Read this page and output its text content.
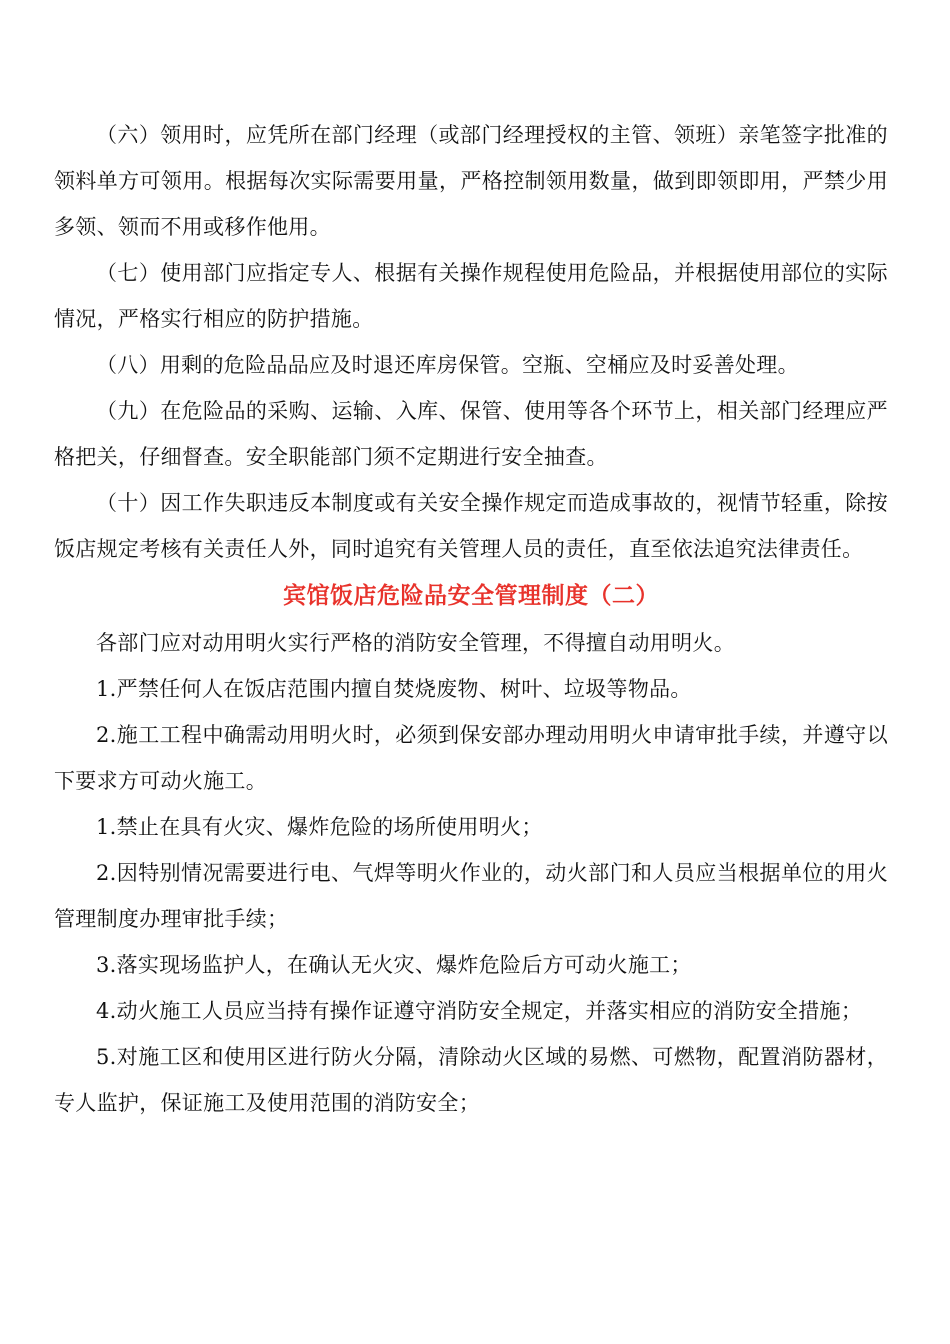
（六）领用时，应凭所在部门经理（或部门经理授权的主管、领班）亲笔签字批准的领料单方可领用。根据每次实际需要用量，严格控制领用数量，做到即领即用，严禁少用多领、领而不用或移作他用。

（七）使用部门应指定专人、根据有关操作规程使用危险品，并根据使用部位的实际情况，严格实行相应的防护措施。

（八）用剩的危险品品应及时退还库房保管。空瓶、空桶应及时妥善处理。

（九）在危险品的采购、运输、入库、保管、使用等各个环节上，相关部门经理应严格把关，仔细督查。安全职能部门须不定期进行安全抽查。

（十）因工作失职违反本制度或有关安全操作规定而造成事故的，视情节轻重，除按饭店规定考核有关责任人外，同时追究有关管理人员的责任，直至依法追究法律责任。

宾馆饭店危险品安全管理制度（二）

各部门应对动用明火实行严格的消防安全管理，不得擅自动用明火。

1.严禁任何人在饭店范围内擅自焚烧废物、树叶、垃圾等物品。

2.施工工程中确需动用明火时，必须到保安部办理动用明火申请审批手续，并遵守以下要求方可动火施工。

1.禁止在具有火灾、爆炸危险的场所使用明火；

2.因特别情况需要进行电、气焊等明火作业的，动火部门和人员应当根据单位的用火管理制度办理审批手续；

3.落实现场监护人，在确认无火灾、爆炸危险后方可动火施工；

4.动火施工人员应当持有操作证遵守消防安全规定，并落实相应的消防安全措施；

5.对施工区和使用区进行防火分隔，清除动火区域的易燃、可燃物，配置消防器材，专人监护，保证施工及使用范围的消防安全；
